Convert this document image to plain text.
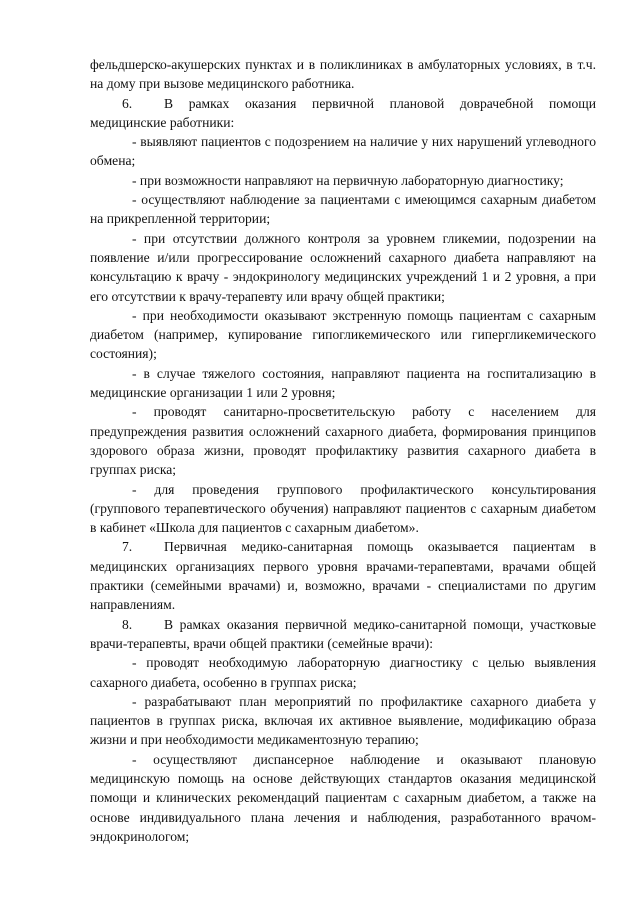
фельдшерско-акушерских пунктах и в поликлиниках в амбулаторных условиях, в т.ч. на дому при вызове медицинского работника.

6. В рамках оказания первичной плановой доврачебной помощи медицинские работники:

- выявляют пациентов с подозрением на наличие у них нарушений углеводного обмена;

- при возможности направляют на первичную лабораторную диагностику;

- осуществляют наблюдение за пациентами с имеющимся сахарным диабетом на прикрепленной территории;

- при отсутствии должного контроля за уровнем гликемии, подозрении на появление и/или прогрессирование осложнений сахарного диабета направляют на консультацию к врачу - эндокринологу медицинских учреждений 1 и 2 уровня, а при его отсутствии к врачу-терапевту или врачу общей практики;

- при необходимости оказывают экстренную помощь пациентам с сахарным диабетом (например, купирование гипогликемического или гипергликемического состояния);

- в случае тяжелого состояния, направляют пациента на госпитализацию в медицинские организации 1 или 2 уровня;

- проводят санитарно-просветительскую работу с населением для предупреждения развития осложнений сахарного диабета, формирования принципов здорового образа жизни, проводят профилактику развития сахарного диабета в группах риска;

- для проведения группового профилактического консультирования (группового терапевтического обучения) направляют пациентов с сахарным диабетом в кабинет «Школа для пациентов с сахарным диабетом».

7. Первичная медико-санитарная помощь оказывается пациентам в медицинских организациях первого уровня врачами-терапевтами, врачами общей практики (семейными врачами) и, возможно, врачами - специалистами по другим направлениям.

8. В рамках оказания первичной медико-санитарной помощи, участковые врачи-терапевты, врачи общей практики (семейные врачи):

- проводят необходимую лабораторную диагностику с целью выявления сахарного диабета, особенно в группах риска;

- разрабатывают план мероприятий по профилактике сахарного диабета у пациентов в группах риска, включая их активное выявление, модификацию образа жизни и при необходимости медикаментозную терапию;

- осуществляют диспансерное наблюдение и оказывают плановую медицинскую помощь на основе действующих стандартов оказания медицинской помощи и клинических рекомендаций пациентам с сахарным диабетом, а также на основе индивидуального плана лечения и наблюдения, разработанного врачом-эндокринологом;
